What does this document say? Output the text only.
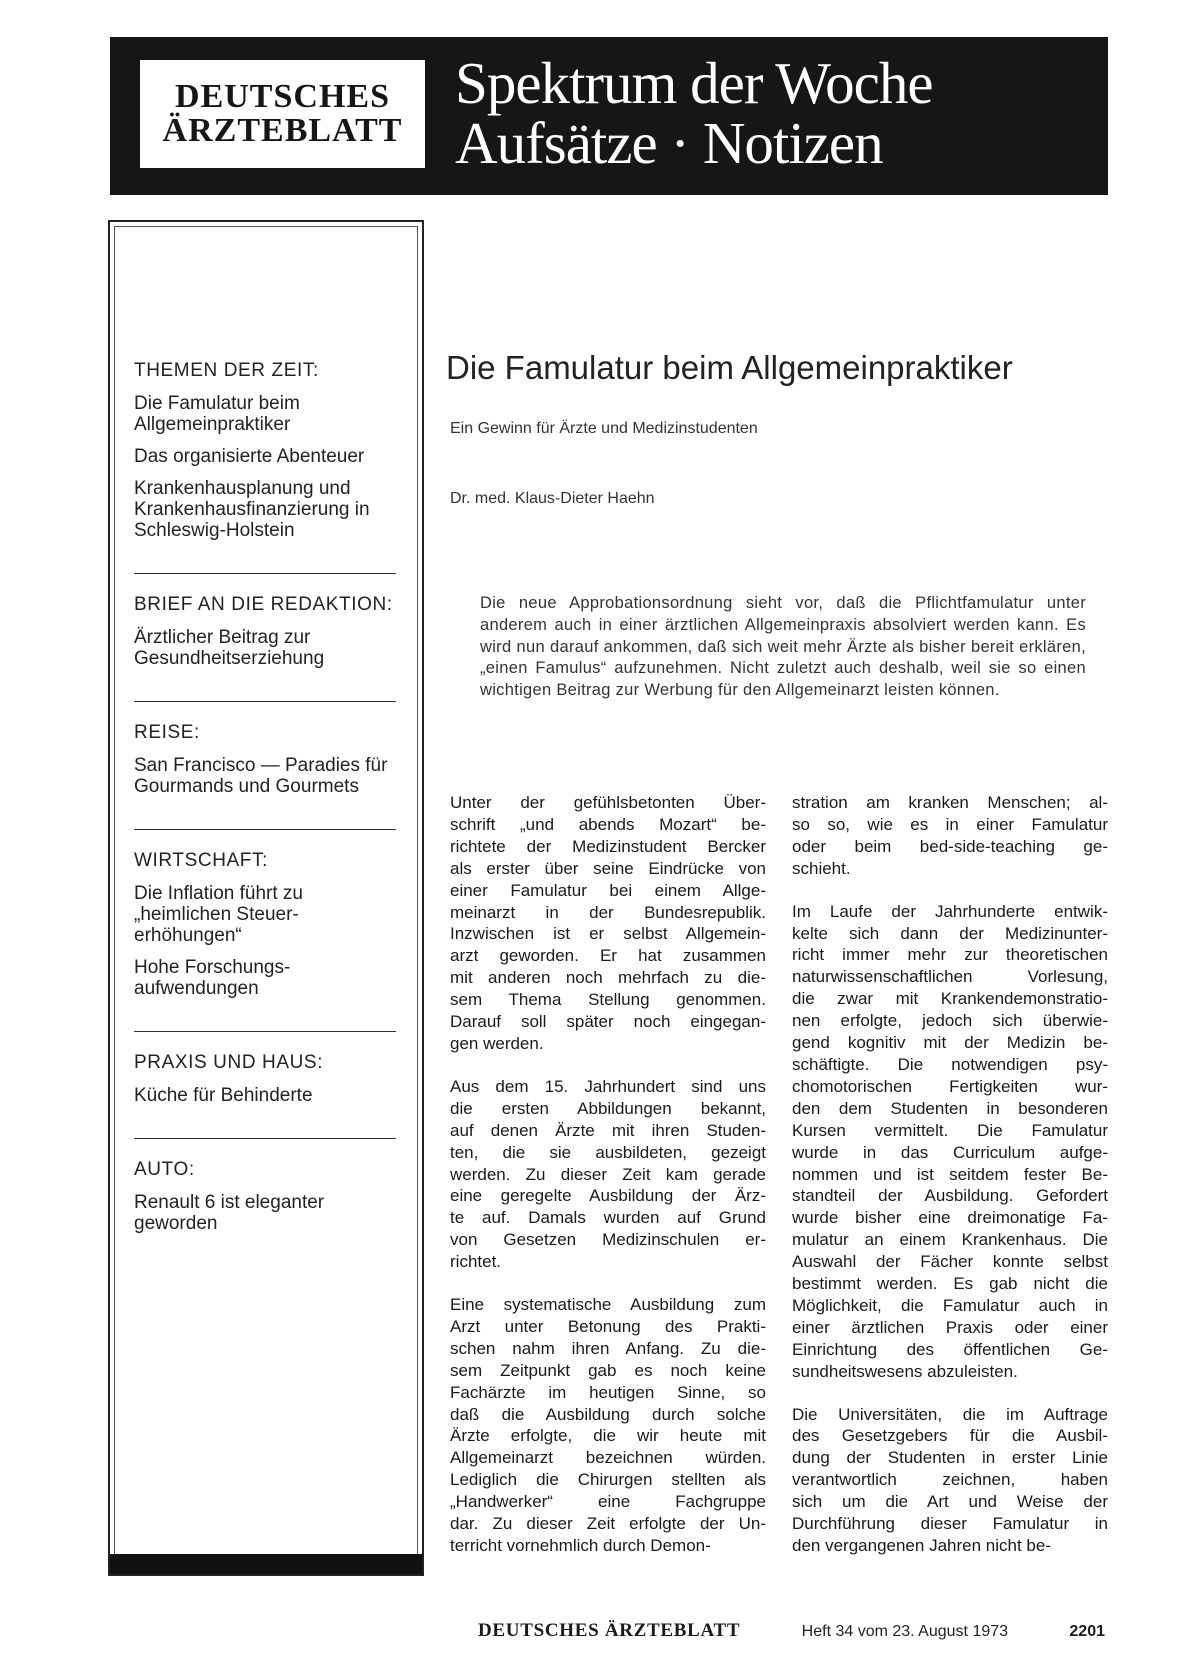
DEUTSCHES
ÄRZTEBLATT
Spektrum der Woche
Aufsätze · Notizen
THEMEN DER ZEIT:
Die Famulatur beim Allgemeinpraktiker
Das organisierte Abenteuer
Krankenhausplanung und Krankenhausfinanzierung in Schleswig-Holstein
BRIEF AN DIE REDAKTION:
Ärztlicher Beitrag zur Gesundheitserziehung
REISE:
San Francisco — Paradies für Gourmands und Gourmets
WIRTSCHAFT:
Die Inflation führt zu „heimlichen Steuer-erhöhungen“
Hohe Forschungs-aufwendungen
PRAXIS UND HAUS:
Küche für Behinderte
AUTO:
Renault 6 ist eleganter geworden
Die Famulatur beim Allgemeinpraktiker
Ein Gewinn für Ärzte und Medizinstudenten
Dr. med. Klaus-Dieter Haehn
Die neue Approbationsordnung sieht vor, daß die Pflichtfamulatur unter anderem auch in einer ärztlichen Allgemeinpraxis absolviert werden kann. Es wird nun darauf ankommen, daß sich weit mehr Ärzte als bisher bereit erklären, „einen Famulus“ aufzunehmen. Nicht zuletzt auch deshalb, weil sie so einen wichtigen Beitrag zur Werbung für den Allgemeinarzt leisten können.

Unter der gefühlsbetonten Über-
schrift „und abends Mozart“ be-
richtete der Medizinstudent Bercker
als erster über seine Eindrücke von
einer Famulatur bei einem Allge-
meinarzt in der Bundesrepublik.
Inzwischen ist er selbst Allgemein-
arzt geworden. Er hat zusammen
mit anderen noch mehrfach zu die-
sem Thema Stellung genommen.
Darauf soll später noch eingegan-
gen werden.

Aus dem 15. Jahrhundert sind uns
die ersten Abbildungen bekannt,
auf denen Ärzte mit ihren Studen-
ten, die sie ausbildeten, gezeigt
werden. Zu dieser Zeit kam gerade
eine geregelte Ausbildung der Ärz-
te auf. Damals wurden auf Grund
von Gesetzen Medizinschulen er-
richtet.

Eine systematische Ausbildung zum
Arzt unter Betonung des Prakti-
schen nahm ihren Anfang. Zu die-
sem Zeitpunkt gab es noch keine
Fachärzte im heutigen Sinne, so
daß die Ausbildung durch solche
Ärzte erfolgte, die wir heute mit
Allgemeinarzt bezeichnen würden.
Lediglich die Chirurgen stellten als
„Handwerker“ eine Fachgruppe
dar. Zu dieser Zeit erfolgte der Un-
terricht vornehmlich durch Demon-

stration am kranken Menschen; al-
so so, wie es in einer Famulatur
oder beim bed-side-teaching ge-
schieht.

Im Laufe der Jahrhunderte entwik-
kelte sich dann der Medizinunter-
richt immer mehr zur theoretischen
naturwissenschaftlichen Vorlesung,
die zwar mit Krankendemonstratio-
nen erfolgte, jedoch sich überwie-
gend kognitiv mit der Medizin be-
schäftigte. Die notwendigen psy-
chomotorischen Fertigkeiten wur-
den dem Studenten in besonderen
Kursen vermittelt. Die Famulatur
wurde in das Curriculum aufge-
nommen und ist seitdem fester Be-
standteil der Ausbildung. Gefordert
wurde bisher eine dreimonatige Fa-
mulatur an einem Krankenhaus. Die
Auswahl der Fächer konnte selbst
bestimmt werden. Es gab nicht die
Möglichkeit, die Famulatur auch in
einer ärztlichen Praxis oder einer
Einrichtung des öffentlichen Ge-
sundheitswesens abzuleisten.

Die Universitäten, die im Auftrage
des Gesetzgebers für die Ausbil-
dung der Studenten in erster Linie
verantwortlich zeichnen, haben
sich um die Art und Weise der
Durchführung dieser Famulatur in
den vergangenen Jahren nicht be-

DEUTSCHES ÄRZTEBLATT	Heft 34 vom 23. August 1973	2201
